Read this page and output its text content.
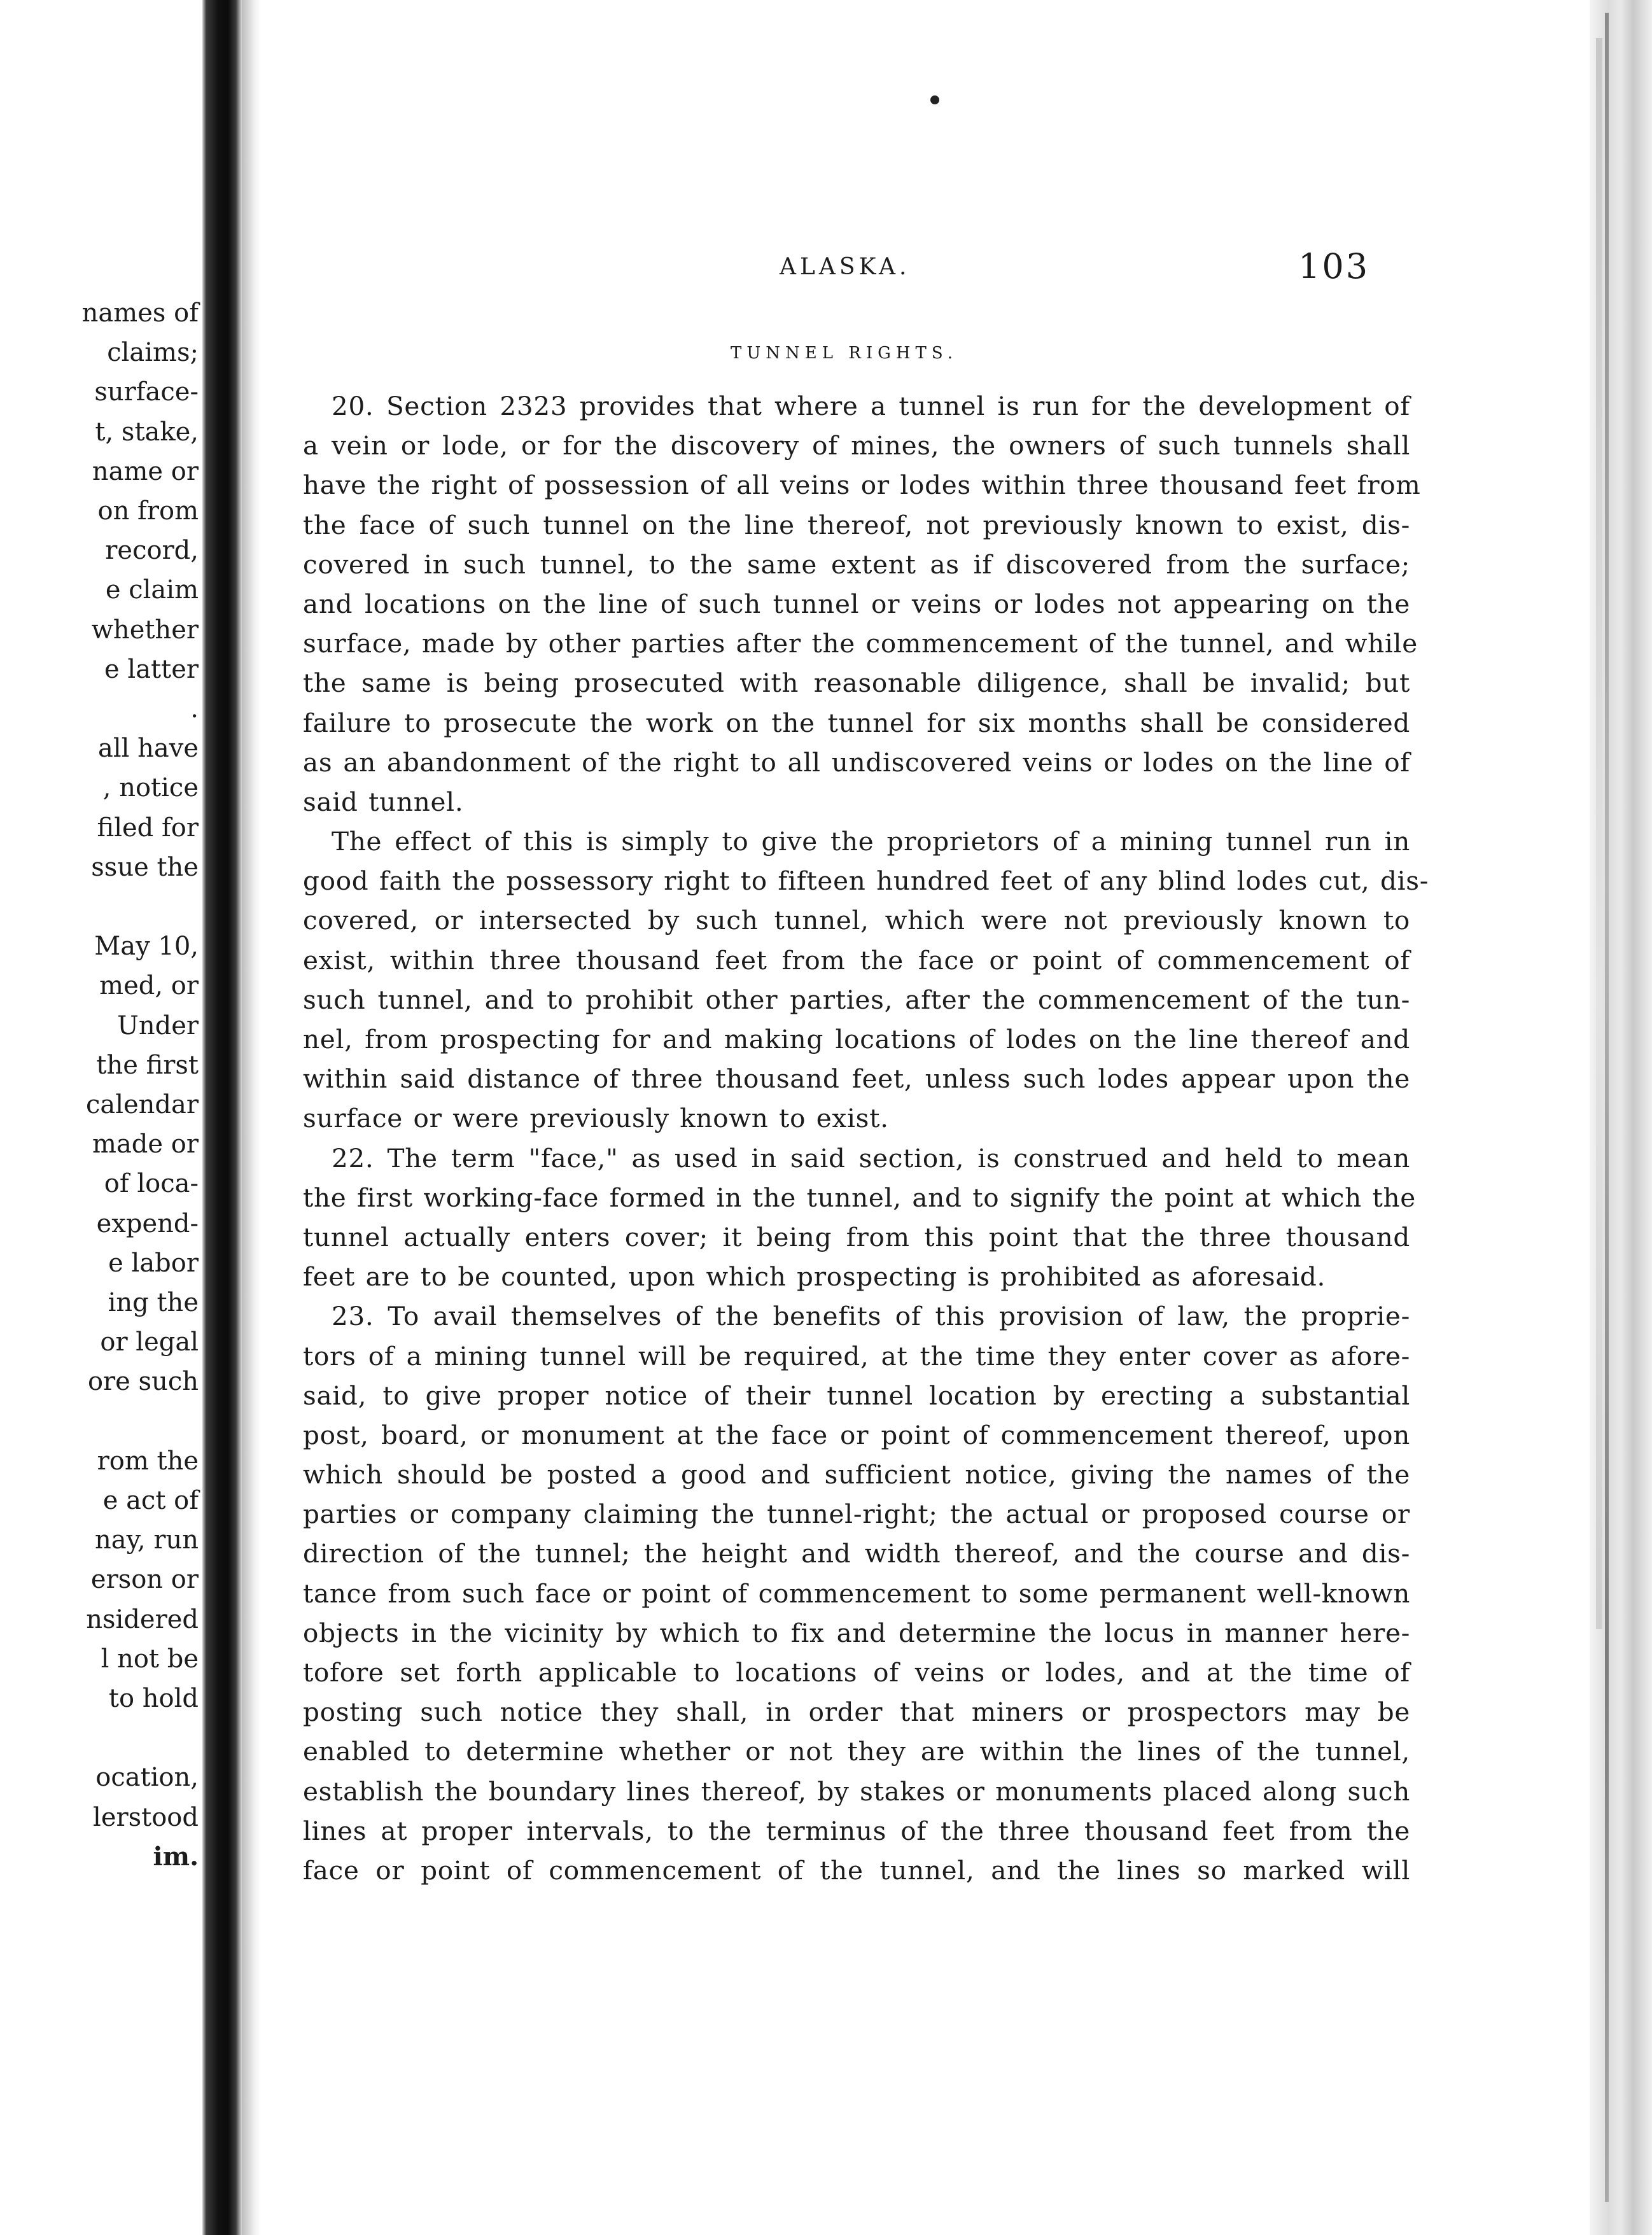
names of
claims;
surface-
t, stake,
name or
on from
record,
e claim
whether
e latter
.
all have
, notice
filed for
ssue the
May 10,
med, or
Under
the first
calendar
made or
of loca-
expend-
e labor
ing the
or legal
ore such
rom the
e act of
nay, run
erson or
nsidered
l not be
to hold
ocation,
lerstood
im.
ALASKA.	103
TUNNEL RIGHTS.
20. Section 2323 provides that where a tunnel is run for the development of
a vein or lode, or for the discovery of mines, the owners of such tunnels shall
have the right of possession of all veins or lodes within three thousand feet from
the face of such tunnel on the line thereof, not previously known to exist, dis-
covered in such tunnel, to the same extent as if discovered from the surface;
and locations on the line of such tunnel or veins or lodes not appearing on the
surface, made by other parties after the commencement of the tunnel, and while
the same is being prosecuted with reasonable diligence, shall be invalid; but
failure to prosecute the work on the tunnel for six months shall be considered
as an abandonment of the right to all undiscovered veins or lodes on the line of
said tunnel.
The effect of this is simply to give the proprietors of a mining tunnel run in
good faith the possessory right to fifteen hundred feet of any blind lodes cut, dis-
covered, or intersected by such tunnel, which were not previously known to
exist, within three thousand feet from the face or point of commencement of
such tunnel, and to prohibit other parties, after the commencement of the tun-
nel, from prospecting for and making locations of lodes on the line thereof and
within said distance of three thousand feet, unless such lodes appear upon the
surface or were previously known to exist.
22. The term "face," as used in said section, is construed and held to mean
the first working-face formed in the tunnel, and to signify the point at which the
tunnel actually enters cover; it being from this point that the three thousand
feet are to be counted, upon which prospecting is prohibited as aforesaid.
23. To avail themselves of the benefits of this provision of law, the proprie-
tors of a mining tunnel will be required, at the time they enter cover as afore-
said, to give proper notice of their tunnel location by erecting a substantial
post, board, or monument at the face or point of commencement thereof, upon
which should be posted a good and sufficient notice, giving the names of the
parties or company claiming the tunnel-right; the actual or proposed course or
direction of the tunnel; the height and width thereof, and the course and dis-
tance from such face or point of commencement to some permanent well-known
objects in the vicinity by which to fix and determine the locus in manner here-
tofore set forth applicable to locations of veins or lodes, and at the time of
posting such notice they shall, in order that miners or prospectors may be
enabled to determine whether or not they are within the lines of the tunnel,
establish the boundary lines thereof, by stakes or monuments placed along such
lines at proper intervals, to the terminus of the three thousand feet from the
face or point of commencement of the tunnel, and the lines so marked will
